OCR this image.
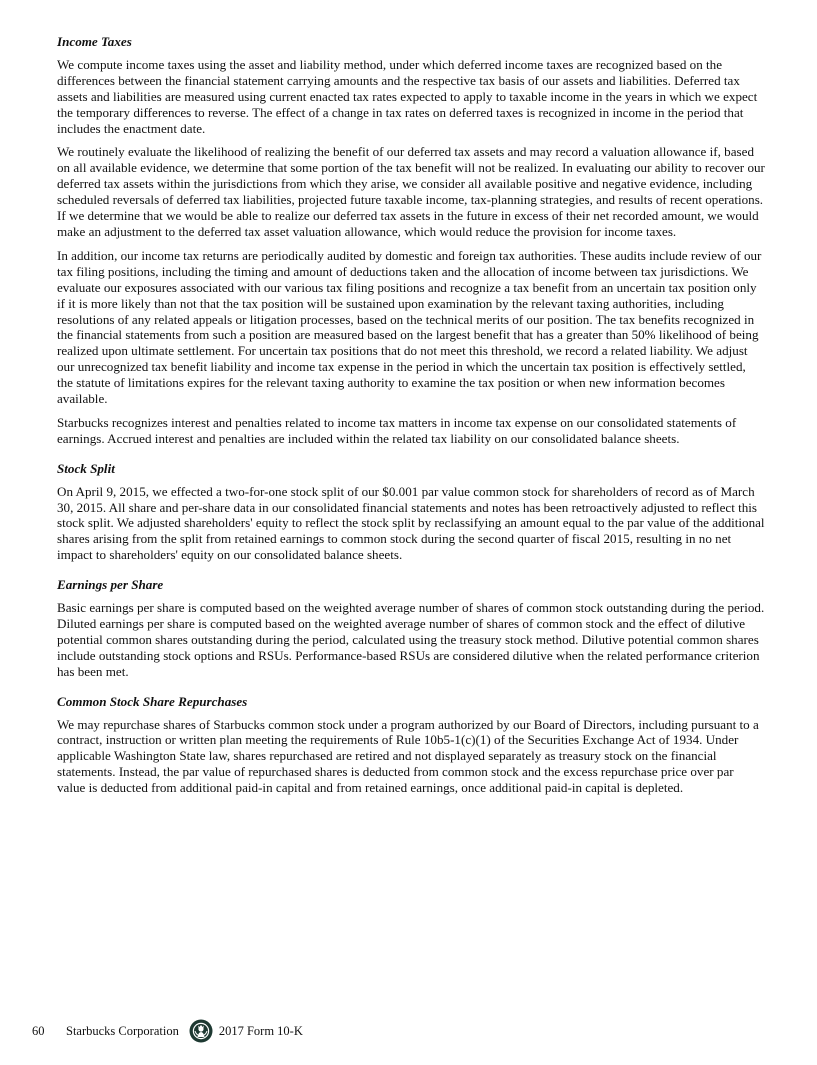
Income Taxes

We compute income taxes using the asset and liability method, under which deferred income taxes are recognized based on the differences between the financial statement carrying amounts and the respective tax basis of our assets and liabilities. Deferred tax assets and liabilities are measured using current enacted tax rates expected to apply to taxable income in the years in which we expect the temporary differences to reverse. The effect of a change in tax rates on deferred taxes is recognized in income in the period that includes the enactment date.

We routinely evaluate the likelihood of realizing the benefit of our deferred tax assets and may record a valuation allowance if, based on all available evidence, we determine that some portion of the tax benefit will not be realized. In evaluating our ability to recover our deferred tax assets within the jurisdictions from which they arise, we consider all available positive and negative evidence, including scheduled reversals of deferred tax liabilities, projected future taxable income, tax-planning strategies, and results of recent operations. If we determine that we would be able to realize our deferred tax assets in the future in excess of their net recorded amount, we would make an adjustment to the deferred tax asset valuation allowance, which would reduce the provision for income taxes.

In addition, our income tax returns are periodically audited by domestic and foreign tax authorities. These audits include review of our tax filing positions, including the timing and amount of deductions taken and the allocation of income between tax jurisdictions. We evaluate our exposures associated with our various tax filing positions and recognize a tax benefit from an uncertain tax position only if it is more likely than not that the tax position will be sustained upon examination by the relevant taxing authorities, including resolutions of any related appeals or litigation processes, based on the technical merits of our position. The tax benefits recognized in the financial statements from such a position are measured based on the largest benefit that has a greater than 50% likelihood of being realized upon ultimate settlement. For uncertain tax positions that do not meet this threshold, we record a related liability. We adjust our unrecognized tax benefit liability and income tax expense in the period in which the uncertain tax position is effectively settled, the statute of limitations expires for the relevant taxing authority to examine the tax position or when new information becomes available.

Starbucks recognizes interest and penalties related to income tax matters in income tax expense on our consolidated statements of earnings. Accrued interest and penalties are included within the related tax liability on our consolidated balance sheets.

Stock Split

On April 9, 2015, we effected a two-for-one stock split of our $0.001 par value common stock for shareholders of record as of March 30, 2015. All share and per-share data in our consolidated financial statements and notes has been retroactively adjusted to reflect this stock split. We adjusted shareholders' equity to reflect the stock split by reclassifying an amount equal to the par value of the additional shares arising from the split from retained earnings to common stock during the second quarter of fiscal 2015, resulting in no net impact to shareholders' equity on our consolidated balance sheets.

Earnings per Share

Basic earnings per share is computed based on the weighted average number of shares of common stock outstanding during the period. Diluted earnings per share is computed based on the weighted average number of shares of common stock and the effect of dilutive potential common shares outstanding during the period, calculated using the treasury stock method. Dilutive potential common shares include outstanding stock options and RSUs. Performance-based RSUs are considered dilutive when the related performance criterion has been met.

Common Stock Share Repurchases

We may repurchase shares of Starbucks common stock under a program authorized by our Board of Directors, including pursuant to a contract, instruction or written plan meeting the requirements of Rule 10b5-1(c)(1) of the Securities Exchange Act of 1934. Under applicable Washington State law, shares repurchased are retired and not displayed separately as treasury stock on the financial statements. Instead, the par value of repurchased shares is deducted from common stock and the excess repurchase price over par value is deducted from additional paid-in capital and from retained earnings, once additional paid-in capital is depleted.

60	Starbucks Corporation	2017 Form 10-K
